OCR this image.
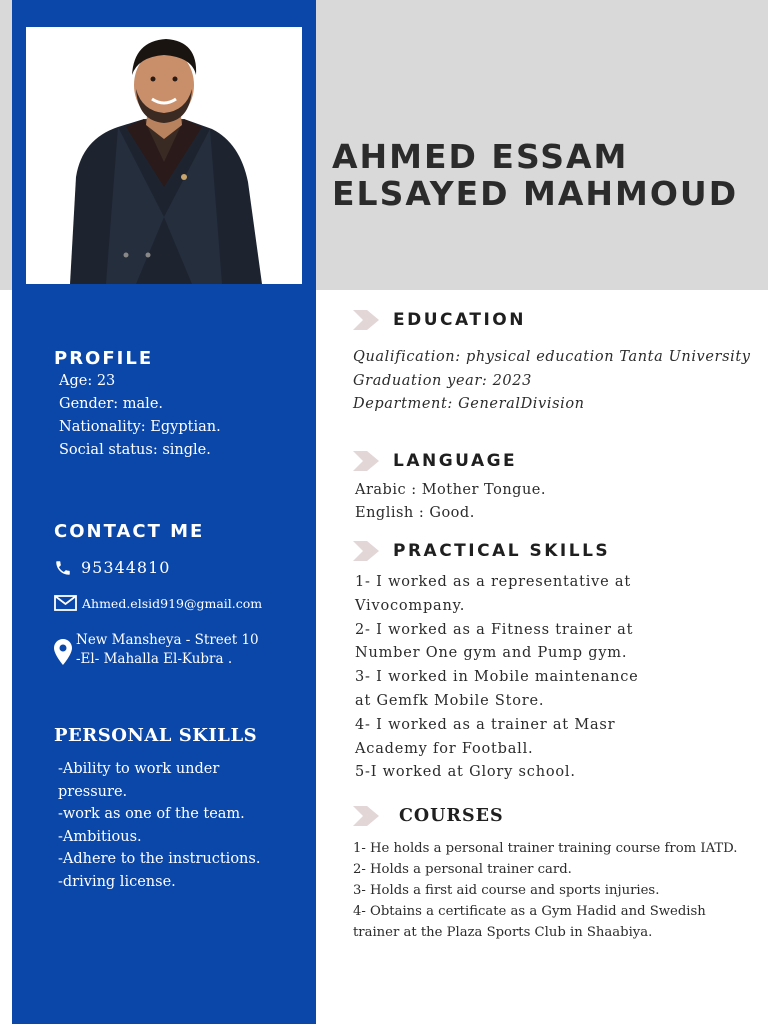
AHMED ESSAM
ELSAYED MAHMOUD
PROFILE
Age: 23
Gender: male.
Nationality: Egyptian.
Social status: single.
CONTACT ME
95344810
Ahmed.elsid919@gmail.com
New Mansheya - Street 10
-El- Mahalla El-Kubra .
PERSONAL SKILLS
-Ability to work under
pressure.
-work as one of the team.
-Ambitious.
-Adhere to the instructions.
-driving license.
EDUCATION
Qualification: physical education Tanta University
Graduation year: 2023
Department: GeneralDivision
LANGUAGE
Arabic : Mother Tongue.
English : Good.
PRACTICAL SKILLS
1- I worked as a representative at
Vivocompany.
2- I worked as a Fitness trainer at
Number One gym and Pump gym.
3- I worked in Mobile maintenance
at Gemfk Mobile Store.
4- I worked as a trainer at Masr
Academy for Football.
5-I worked at Glory school.
COURSES
1- He holds a personal trainer training course from IATD.
2- Holds a personal trainer card.
3- Holds a first aid course and sports injuries.
4- Obtains a certificate as a Gym Hadid and Swedish trainer at the Plaza Sports Club in Shaabiya.
